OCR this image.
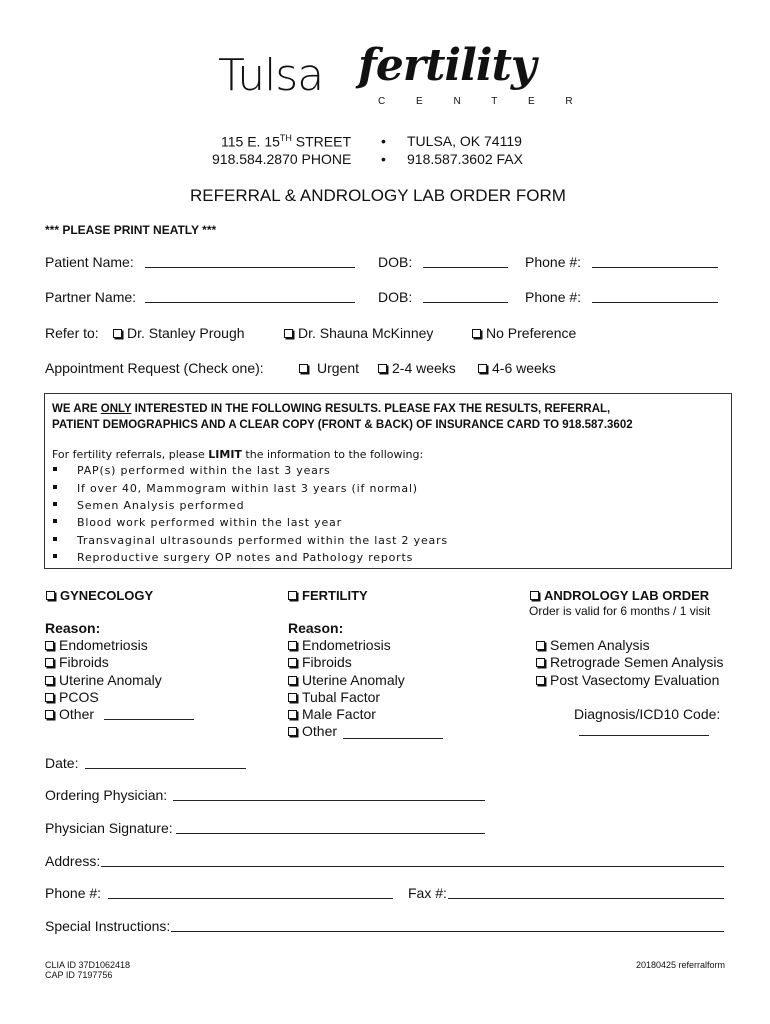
Tulsa fertility
C E N T E R
115 E. 15TH STREET • TULSA, OK 74119
918.584.2870 PHONE • 918.587.3602 FAX
REFERRAL & ANDROLOGY LAB ORDER FORM
*** PLEASE PRINT NEATLY ***
Patient Name:	DOB:	Phone #:
Partner Name:	DOB:	Phone #:
Refer to:	Dr. Stanley Prough	Dr. Shauna McKinney	No Preference
Appointment Request (Check one):	Urgent	2-4 weeks	4-6 weeks
WE ARE ONLY INTERESTED IN THE FOLLOWING RESULTS. PLEASE FAX THE RESULTS, REFERRAL,
PATIENT DEMOGRAPHICS AND A CLEAR COPY (FRONT & BACK) OF INSURANCE CARD TO 918.587.3602
For fertility referrals, please LIMIT the information to the following:
PAP(s) performed within the last 3 years
If over 40, Mammogram within last 3 years (if normal)
Semen Analysis performed
Blood work performed within the last year
Transvaginal ultrasounds performed within the last 2 years
Reproductive surgery OP notes and Pathology reports
GYNECOLOGY
Reason:
Endometriosis
Fibroids
Uterine Anomaly
PCOS
Other
FERTILITY
Reason:
Endometriosis
Fibroids
Uterine Anomaly
Tubal Factor
Male Factor
Other
ANDROLOGY LAB ORDER
Order is valid for 6 months / 1 visit
Semen Analysis
Retrograde Semen Analysis
Post Vasectomy Evaluation
Diagnosis/ICD10 Code:
Date:
Ordering Physician:
Physician Signature:
Address:
Phone #:	Fax #:
Special Instructions:
CLIA ID 37D1062418
CAP ID 7197756
20180425 referralform
